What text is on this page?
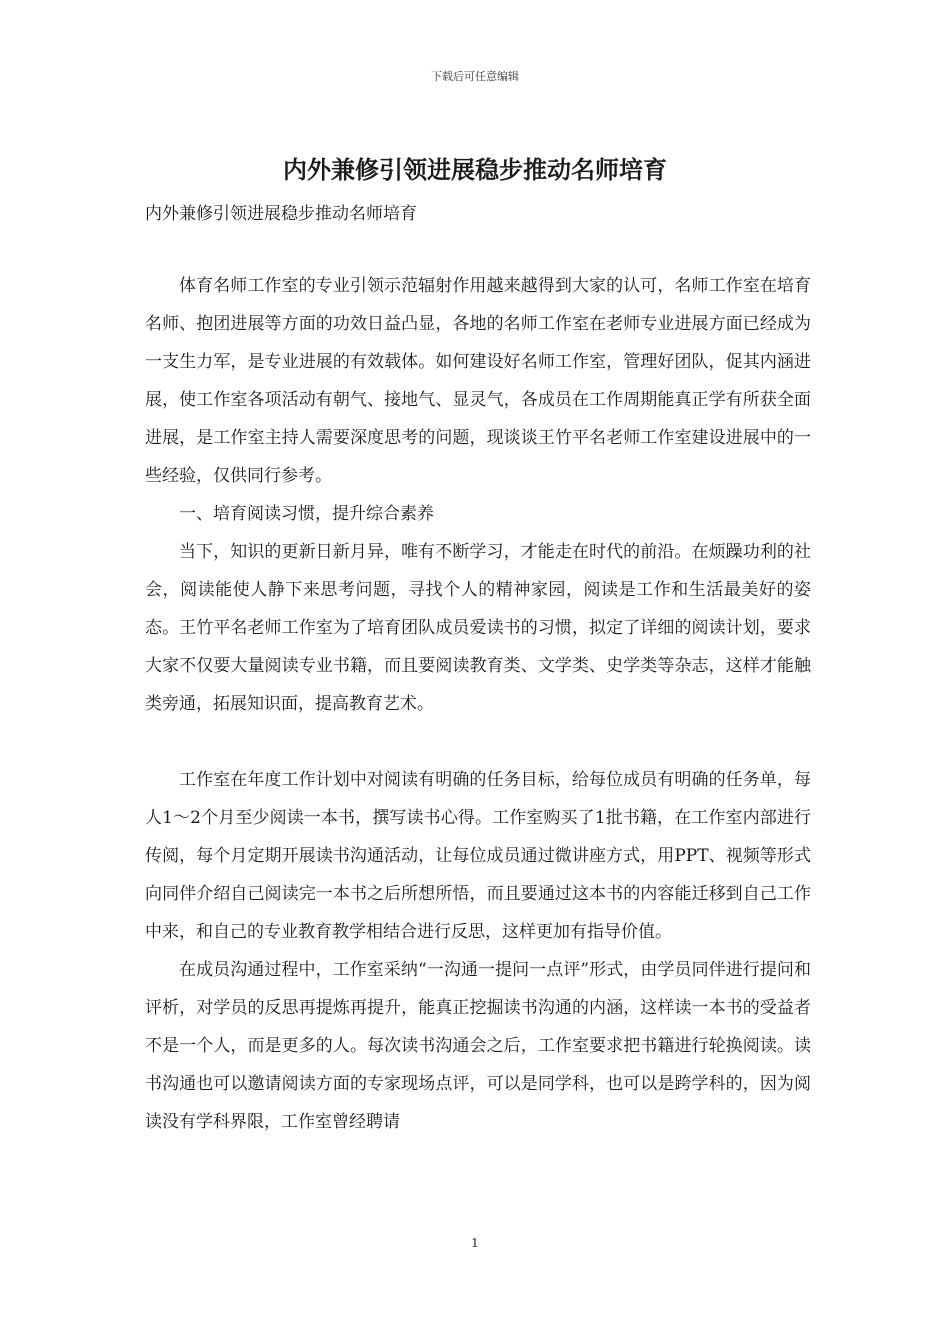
下载后可任意编辑
内外兼修引领进展稳步推动名师培育

内外兼修引领进展稳步推动名师培育

体育名师工作室的专业引领示范辐射作用越来越得到大家的认可，名师工作室在培育名师、抱团进展等方面的功效日益凸显，各地的名师工作室在老师专业进展方面已经成为一支生力军，是专业进展的有效载体。如何建设好名师工作室，管理好团队，促其内涵进展，使工作室各项活动有朝气、接地气、显灵气，各成员在工作周期能真正学有所获全面进展，是工作室主持人需要深度思考的问题，现谈谈王竹平名老师工作室建设进展中的一些经验，仅供同行参考。

一、培育阅读习惯，提升综合素养

当下，知识的更新日新月异，唯有不断学习，才能走在时代的前沿。在烦躁功利的社会，阅读能使人静下来思考问题，寻找个人的精神家园，阅读是工作和生活最美好的姿态。王竹平名老师工作室为了培育团队成员爱读书的习惯，拟定了详细的阅读计划，要求大家不仅要大量阅读专业书籍，而且要阅读教育类、文学类、史学类等杂志，这样才能触类旁通，拓展知识面，提高教育艺术。

工作室在年度工作计划中对阅读有明确的任务目标，给每位成员有明确的任务单，每人1～2个月至少阅读一本书，撰写读书心得。工作室购买了1批书籍，在工作室内部进行传阅，每个月定期开展读书沟通活动，让每位成员通过微讲座方式，用PPT、视频等形式向同伴介绍自己阅读完一本书之后所想所悟，而且要通过这本书的内容能迁移到自己工作中来，和自己的专业教育教学相结合进行反思，这样更加有指导价值。

在成员沟通过程中，工作室采纳“一沟通一提问一点评”形式，由学员同伴进行提问和评析，对学员的反思再提炼再提升，能真正挖掘读书沟通的内涵，这样读一本书的受益者不是一个人，而是更多的人。每次读书沟通会之后，工作室要求把书籍进行轮换阅读。读书沟通也可以邀请阅读方面的专家现场点评，可以是同学科，也可以是跨学科的，因为阅读没有学科界限，工作室曾经聘请

1
